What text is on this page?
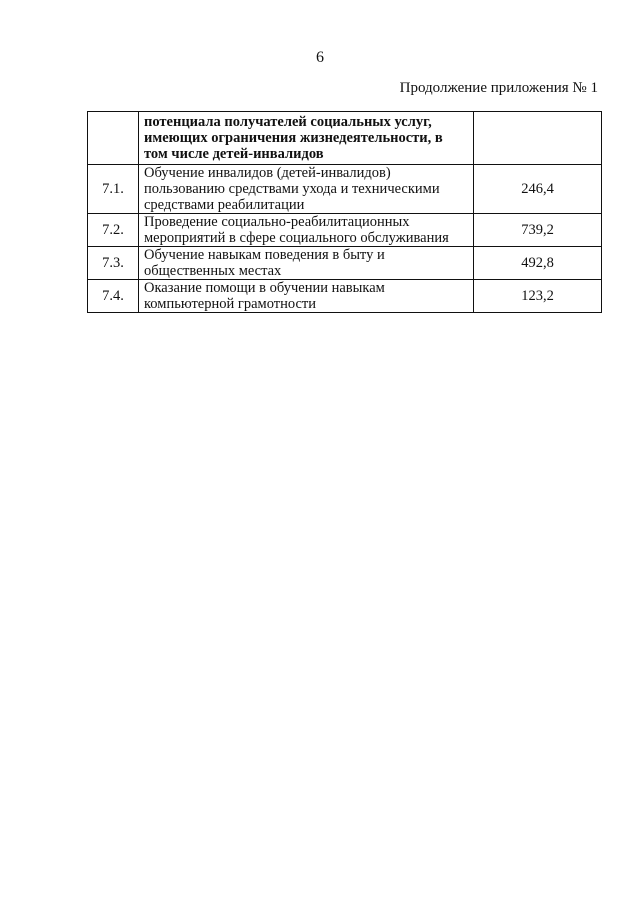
6
Продолжение приложения № 1
	потенциала получателей социальных услуг, имеющих ограничения жизнедеятельности, в том числе детей-инвалидов	
7.1.	Обучение инвалидов (детей-инвалидов) пользованию средствами ухода и техническими средствами реабилитации	246,4
7.2.	Проведение социально-реабилитационных мероприятий в сфере социального обслуживания	739,2
7.3.	Обучение навыкам поведения в быту и общественных местах	492,8
7.4.	Оказание помощи в обучении навыкам компьютерной грамотности	123,2
